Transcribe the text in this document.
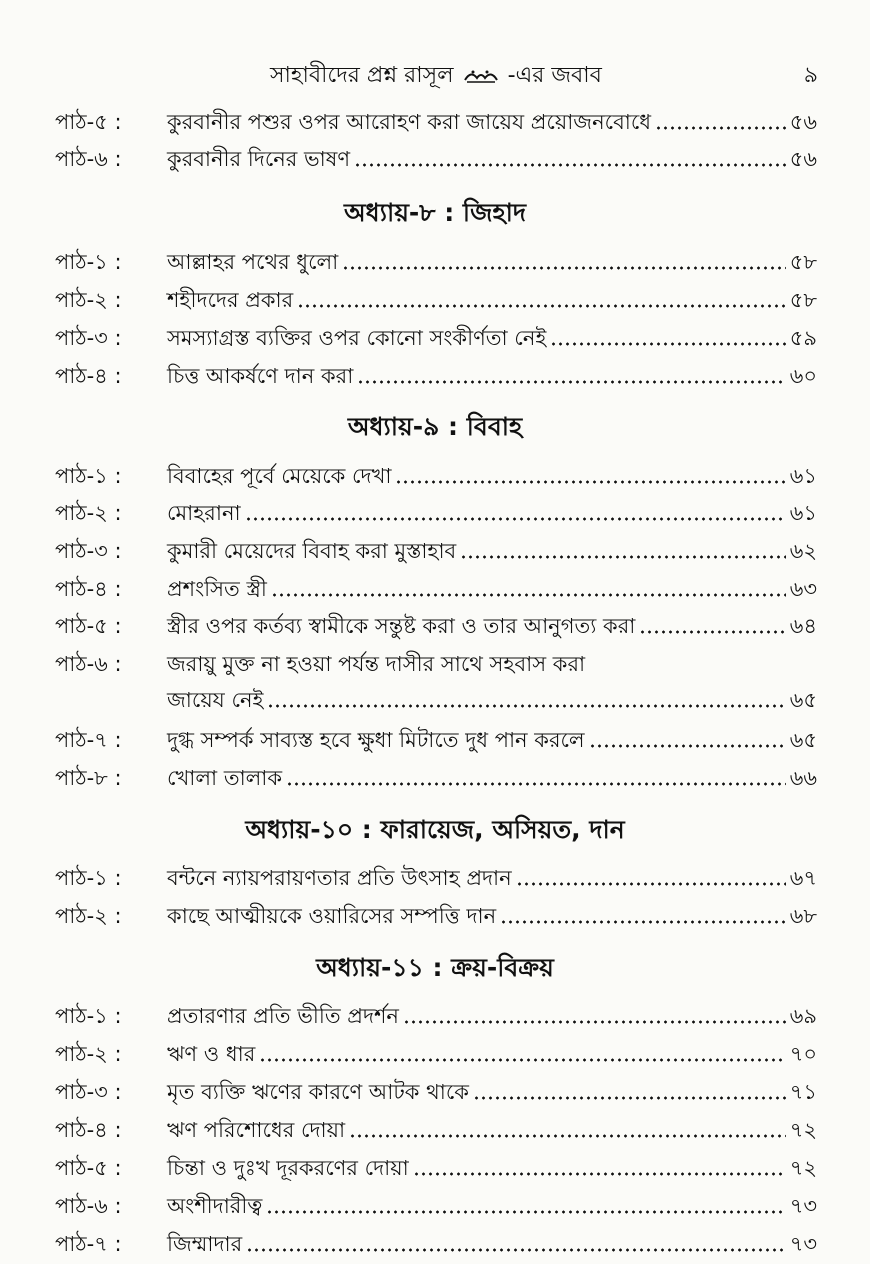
সাহাবীদের প্রশ্ন রাসূল -এর জবাব	৯
পাঠ-৫ :	কুরবানীর পশুর ওপর আরোহণ করা জায়েয প্রয়োজনবোধে	৫৬
পাঠ-৬ :	কুরবানীর দিনের ভাষণ	৫৬
অধ্যায়-৮ : জিহাদ
পাঠ-১ :	আল্লাহর পথের ধুলো	৫৮
পাঠ-২ :	শহীদদের প্রকার	৫৮
পাঠ-৩ :	সমস্যাগ্রস্ত ব্যক্তির ওপর কোনো সংকীর্ণতা নেই	৫৯
পাঠ-৪ :	চিত্ত আকর্ষণে দান করা	৬০
অধ্যায়-৯ : বিবাহ
পাঠ-১ :	বিবাহের পূর্বে মেয়েকে দেখা	৬১
পাঠ-২ :	মোহরানা	৬১
পাঠ-৩ :	কুমারী মেয়েদের বিবাহ করা মুস্তাহাব	৬২
পাঠ-৪ :	প্রশংসিত স্ত্রী	৬৩
পাঠ-৫ :	স্ত্রীর ওপর কর্তব্য স্বামীকে সন্তুষ্ট করা ও তার আনুগত্য করা	৬৪
পাঠ-৬ :	জরায়ু মুক্ত না হওয়া পর্যন্ত দাসীর সাথে সহবাস করা
জায়েয নেই	৬৫
পাঠ-৭ :	দুগ্ধ সম্পর্ক সাব্যস্ত হবে ক্ষুধা মিটাতে দুধ পান করলে	৬৫
পাঠ-৮ :	খোলা তালাক	৬৬
অধ্যায়-১০ : ফারায়েজ, অসিয়ত, দান
পাঠ-১ :	বন্টনে ন্যায়পরায়ণতার প্রতি উৎসাহ প্রদান	৬৭
পাঠ-২ :	কাছে আত্মীয়কে ওয়ারিসের সম্পত্তি দান	৬৮
অধ্যায়-১১ : ক্রয়-বিক্রয়
পাঠ-১ :	প্রতারণার প্রতি ভীতি প্রদর্শন	৬৯
পাঠ-২ :	ঋণ ও ধার	৭০
পাঠ-৩ :	মৃত ব্যক্তি ঋণের কারণে আটক থাকে	৭১
পাঠ-৪ :	ঋণ পরিশোধের দোয়া	৭২
পাঠ-৫ :	চিন্তা ও দুঃখ দূরকরণের দোয়া	৭২
পাঠ-৬ :	অংশীদারীত্ব	৭৩
পাঠ-৭ :	জিম্মাদার	৭৩
